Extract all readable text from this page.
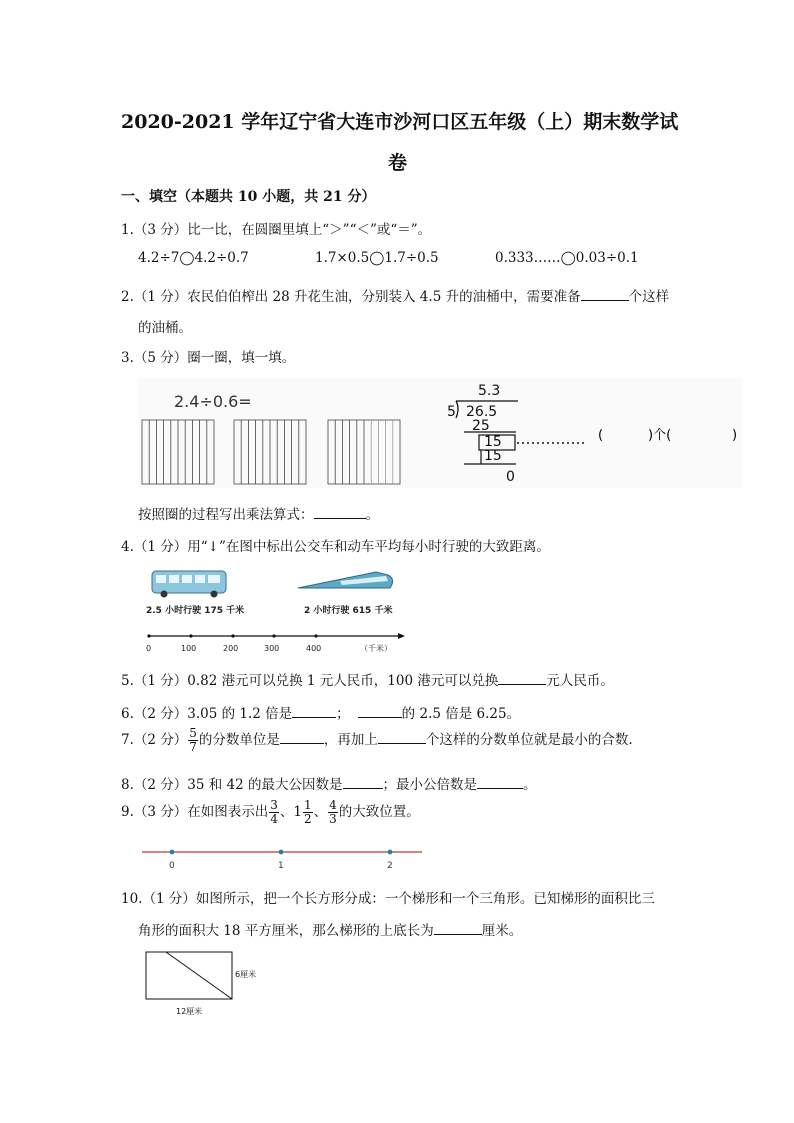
2020-2021 学年辽宁省大连市沙河口区五年级（上）期末数学试
卷
一、填空（本题共 10 小题，共 21 分）
1.（3 分）比一比，在圆圈里填上“＞”“＜”或“＝”。
4.2÷7◯4.2÷0.7	1.7×0.5◯1.7÷0.5	0.333……◯0.03÷0.1
2.（1 分）农民伯伯榨出 28 升花生油，分别装入 4.5 升的油桶中，需要准备	个这样
的油桶。
3.（5 分）圈一圈，填一填。
2.4÷0.6=
5.3
5 26.5
25
15
15
0
(	)个(	)
按照圈的过程写出乘法算式：	。
4.（1 分）用“↓”在图中标出公交车和动车平均每小时行驶的大致距离。
2.5 小时行驶 175 千米	2 小时行驶 615 千米
0	100	200	300	400	（千米）
5.（1 分）0.82 港元可以兑换 1 元人民币，100 港元可以兑换	元人民币。
6.（2 分）3.05 的 1.2 倍是	；	的 2.5 倍是 6.25。
7.（2 分） $\frac{5}{7}$ 的分数单位是	，再加上	个这样的分数单位就是最小的合数.
8.（2 分）35 和 42 的最大公因数是	；最小公倍数是	。
9.（3 分）在如图表示出 $\frac{3}{4}$ 、$1 \frac{1}{2}$ 、 $\frac{4}{3}$ 的大致位置。
0	1	2
10.（1 分）如图所示，把一个长方形分成：一个梯形和一个三角形。已知梯形的面积比三
角形的面积大 18 平方厘米，那么梯形的上底长为	厘米。
6厘米
12厘米
